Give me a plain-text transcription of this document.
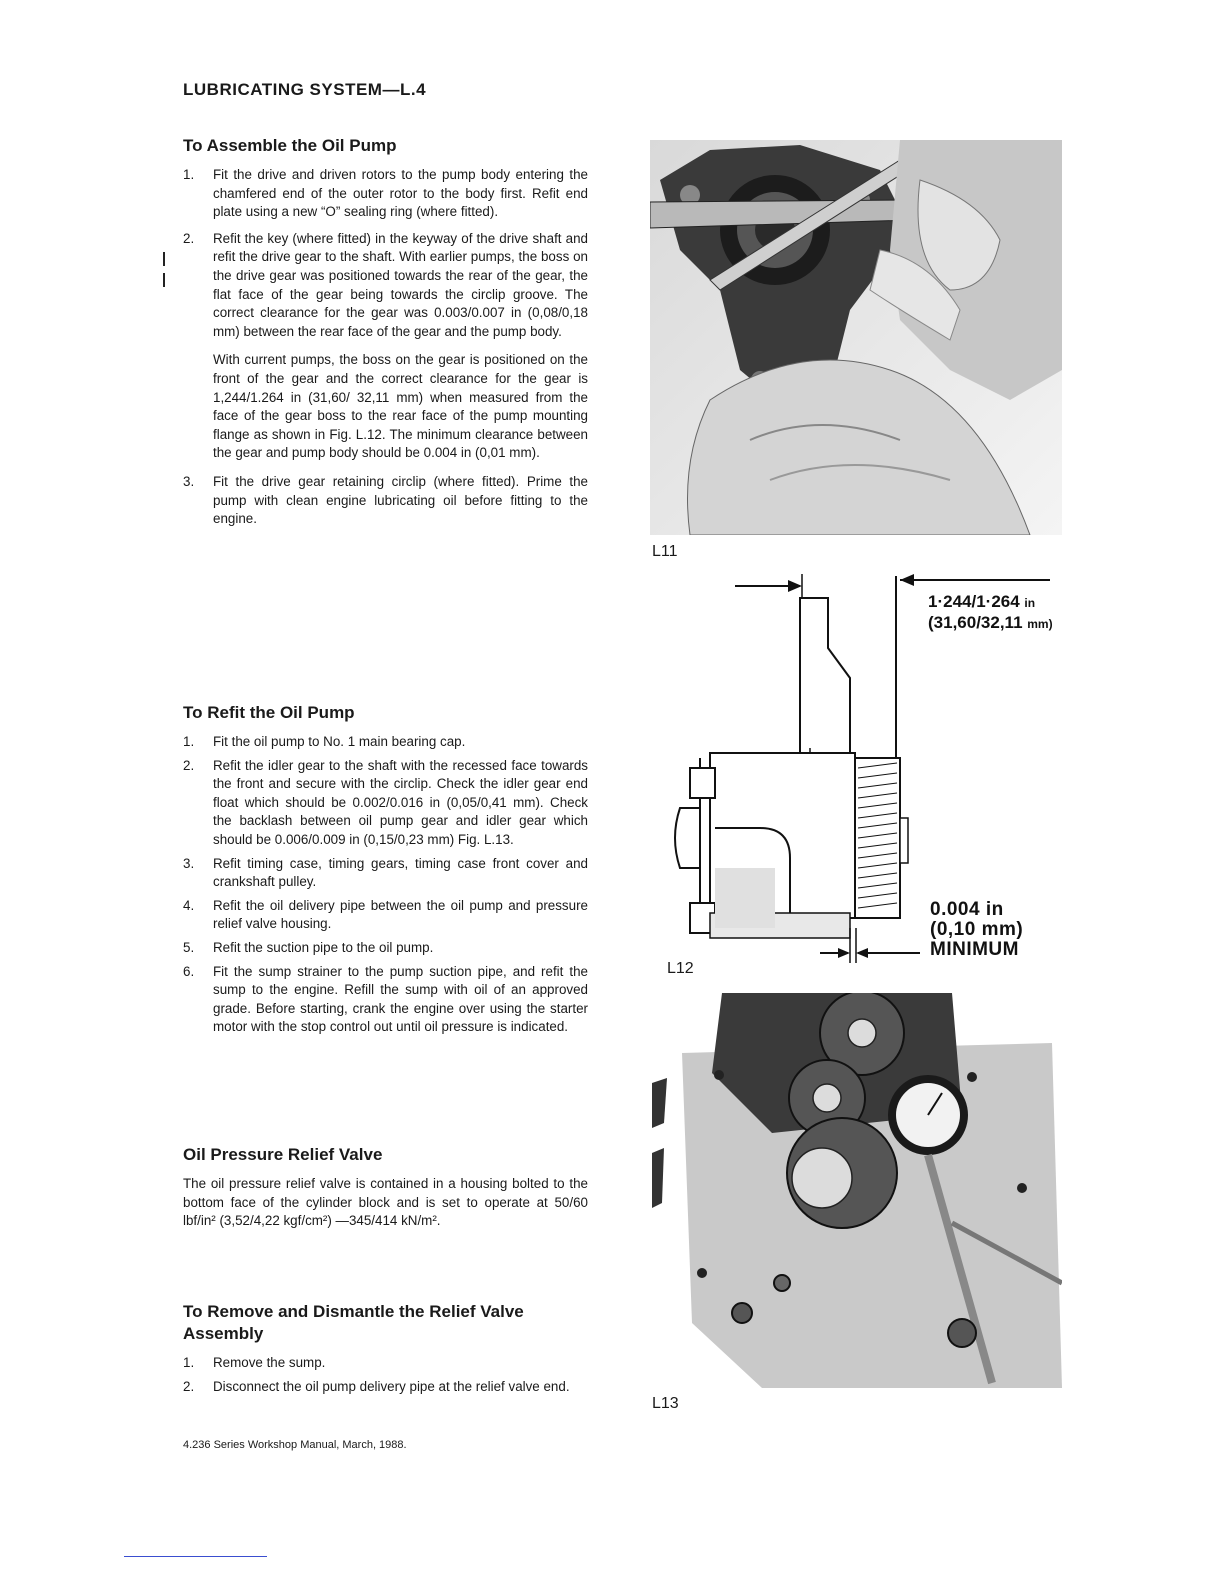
LUBRICATING SYSTEM—L.4
To Assemble the Oil Pump
1. Fit the drive and driven rotors to the pump body entering the chamfered end of the outer rotor to the body first. Refit end plate using a new “O” sealing ring (where fitted).

2. Refit the key (where fitted) in the keyway of the drive shaft and refit the drive gear to the shaft. With earlier pumps, the boss on the drive gear was positioned towards the rear of the gear, the flat face of the gear being towards the circlip groove. The correct clearance for the gear was 0.003/0.007 in (0,08/0,18 mm) between the rear face of the gear and the pump body.

With current pumps, the boss on the gear is positioned on the front of the gear and the correct clearance for the gear is 1,244/1.264 in (31,60/ 32,11 mm) when measured from the face of the gear boss to the rear face of the pump mounting flange as shown in Fig. L.12. The minimum clearance between the gear and pump body should be 0.004 in (0,01 mm).

3. Fit the drive gear retaining circlip (where fitted). Prime the pump with clean engine lubricating oil before fitting to the engine.

To Refit the Oil Pump
1. Fit the oil pump to No. 1 main bearing cap.
2. Refit the idler gear to the shaft with the recessed face towards the front and secure with the circlip. Check the idler gear end float which should be 0.002/0.016 in (0,05/0,41 mm). Check the backlash between oil pump gear and idler gear which should be 0.006/0.009 in (0,15/0,23 mm) Fig. L.13.
3. Refit timing case, timing gears, timing case front cover and crankshaft pulley.
4. Refit the oil delivery pipe between the oil pump and pressure relief valve housing.
5. Refit the suction pipe to the oil pump.
6. Fit the sump strainer to the pump suction pipe, and refit the sump to the engine. Refill the sump with oil of an approved grade. Before starting, crank the engine over using the starter motor with the stop control out until oil pressure is indicated.
Oil Pressure Relief Valve

The oil pressure relief valve is contained in a housing bolted to the bottom face of the cylinder block and is set to operate at 50/60 lbf/in² (3,52/4,22 kgf/cm²) —345/414 kN/m².

To Remove and Dismantle the Relief Valve Assembly
1. Remove the sump.
2. Disconnect the oil pump delivery pipe at the relief valve end.
L11
1·244/1·264 in
(31,60/32,11 mm)
0.004 in
(0,10 mm)
MINIMUM
L12
L13
4.236 Series Workshop Manual, March, 1988.
